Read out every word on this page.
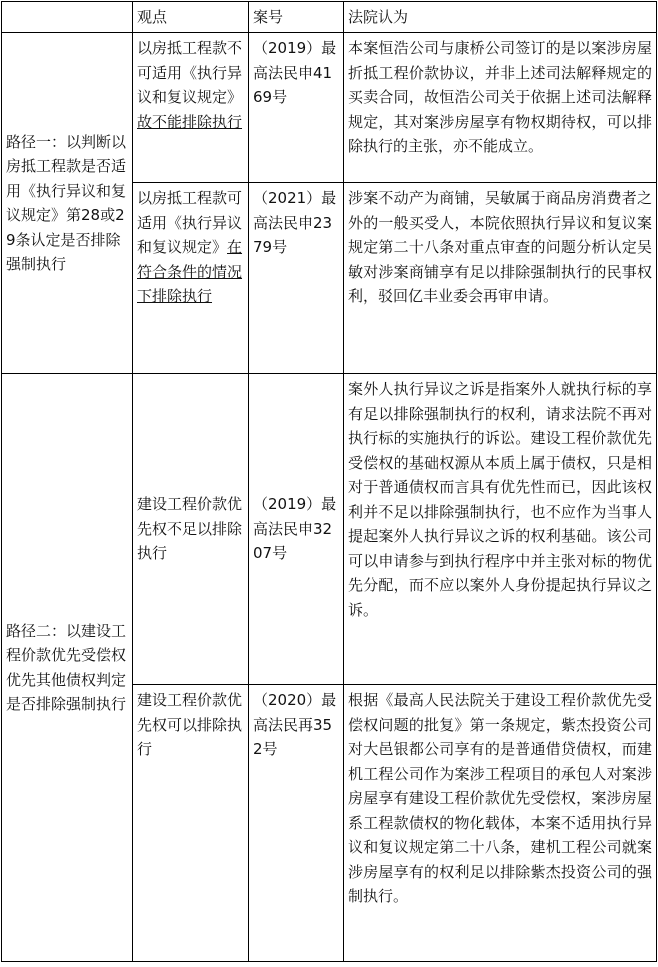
	观点	案号	法院认为
路径一：以判断以房抵工程款是否适用《执行异议和复议规定》第28或29条认定是否排除强制执行	以房抵工程款不可适用《执行异议和复议规定》故不能排除执行	（2019）最高法民申4169号	本案恒浩公司与康桥公司签订的是以案涉房屋折抵工程价款协议，并非上述司法解释规定的买卖合同，故恒浩公司关于依据上述司法解释规定，其对案涉房屋享有物权期待权，可以排除执行的主张，亦不能成立。
	以房抵工程款可适用《执行异议和复议规定》在符合条件的情况下排除执行	（2021）最高法民申2379号	涉案不动产为商铺，吴敏属于商品房消费者之外的一般买受人，本院依照执行异议和复议案规定第二十八条对重点审查的问题分析认定吴敏对涉案商铺享有足以排除强制执行的民事权利，驳回亿丰业委会再审申请。
路径二：以建设工程价款优先受偿权优先其他债权判定是否排除强制执行	建设工程价款优先权不足以排除执行	（2019）最高法民申3207号	案外人执行异议之诉是指案外人就执行标的享有足以排除强制执行的权利，请求法院不再对执行标的实施执行的诉讼。建设工程价款优先受偿权的基础权源从本质上属于债权，只是相对于普通债权而言具有优先性而已，因此该权利并不足以排除强制执行，也不应作为当事人提起案外人执行异议之诉的权利基础。该公司可以申请参与到执行程序中并主张对标的物优先分配，而不应以案外人身份提起执行异议之诉。
	建设工程价款优先权可以排除执行	（2020）最高法民再352号	根据《最高人民法院关于建设工程价款优先受偿权问题的批复》第一条规定，紫杰投资公司对大邑银都公司享有的是普通借贷债权，而建机工程公司作为案涉工程项目的承包人对案涉房屋享有建设工程价款优先受偿权，案涉房屋系工程款债权的物化载体，本案不适用执行异议和复议规定第二十八条，建机工程公司就案涉房屋享有的权利足以排除紫杰投资公司的强制执行。
